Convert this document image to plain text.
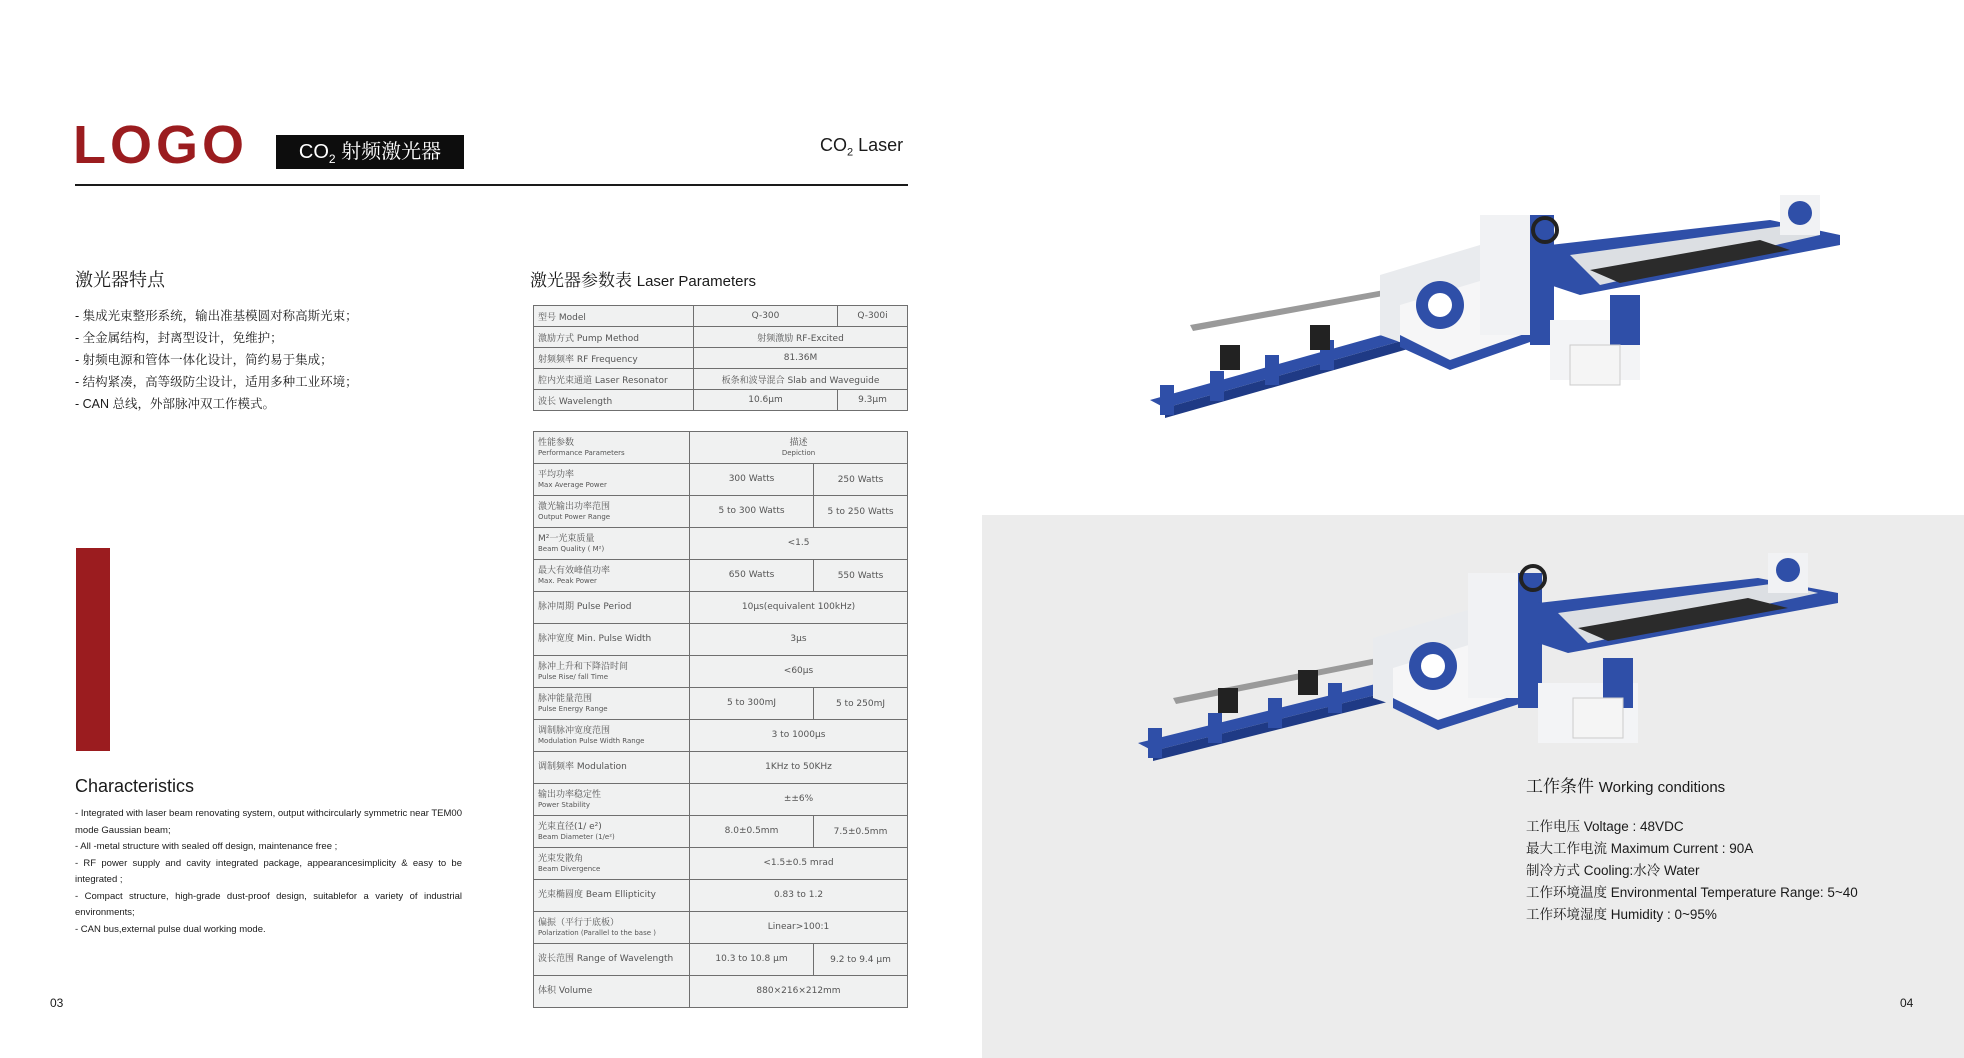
LOGO	$CO_2$ 射频激光器	$CO_2$ Laser
激光器特点
- 集成光束整形系统，输出准基模圆对称高斯光束；
- 全金属结构，封离型设计，免维护；
- 射频电源和管体一体化设计，简约易于集成；
- 结构紧凑，高等级防尘设计，适用多种工业环境；
- CAN 总线，外部脉冲双工作模式。
Characteristics
- Integrated with laser beam renovating system, output withcircularly symmetric near TEM00 mode Gaussian beam;
- All -metal structure with sealed off design, maintenance free ;
- RF power supply and cavity integrated package, appearancesimplicity & easy to be integrated ;
- Compact structure, high-grade dust-proof design, suitablefor a variety of industrial environments;
- CAN bus,external pulse dual working mode.
03
激光器参数表 Laser Parameters
型号 Model	Q-300	Q-300i
激励方式 Pump Method	射频激励 RF-Excited	
射频频率 RF Frequency	81.36M	
腔内光束通道 Laser Resonator	板条和波导混合 Slab and Waveguide	
波长 Wavelength	10.6μm	9.3μm
性能参数
Performance Parameters	描述
Depiction	

平均功率
Max Average Power	300 Watts	250 Watts

激光输出功率范围
Output Power Range	5 to 300 Watts	5 to 250 Watts

M²一光束质量
Beam Quality ( M²)	<1.5	

最大有效峰值功率
Max. Peak Power	650 Watts	550 Watts

脉冲周期 Pulse Period	10μs(equivalent 100kHz)	

脉冲宽度 Min. Pulse Width	3μs	

脉冲上升和下降沿时间
Pulse Rise/ fall Time	<60μs	

脉冲能量范围
Pulse Energy Range	5 to 300mJ	5 to 250mJ

调制脉冲宽度范围
Modulation Pulse Width Range	3 to 1000μs	

调制频率 Modulation	1KHz to 50KHz	

输出功率稳定性
Power Stability	±±6%	

光束直径(1/ e²)
Beam Diameter (1/e²)	8.0±0.5mm	7.5±0.5mm

光束发散角
Beam Divergence	<1.5±0.5 mrad	

光束椭圆度 Beam Ellipticity	0.83 to 1.2	

偏振（平行于底板）
Polarization (Parallel to the base )	Linear>100:1	

波长范围 Range of Wavelength	10.3 to 10.8 μm	9.2 to 9.4 μm

体积 Volume	880×216×212mm	
工作条件 Working conditions
工作电压 Voltage : 48VDC
最大工作电流 Maximum Current : 90A
制冷方式 Cooling:水冷 Water
工作环境温度 Environmental Temperature Range: 5~40
工作环境湿度 Humidity : 0~95%
04
